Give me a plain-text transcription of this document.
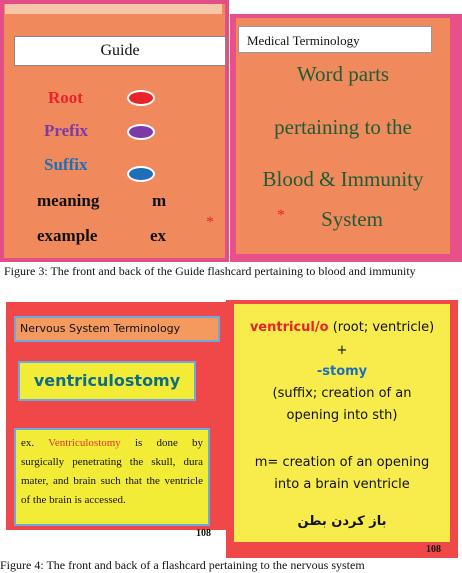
Guide
Root
Prefix
Suffix
meaning	m
example	ex
*
Medical Terminology
Word parts
pertaining to the
Blood & Immunity
*	System
Figure 3: The front and back of the Guide flashcard pertaining to blood and immunity
Nervous System Terminology
ventriculostomy
ex. Ventriculostomy is done by surgically penetrating the skull, dura mater, and brain such that the ventricle of the brain is accessed.
108
ventricul/o (root; ventricle)
+
-stomy
(suffix; creation of an
opening into sth)
m= creation of an opening
into a brain ventricle
باز کردن بطن
108
Figure 4: The front and back of a flashcard pertaining to the nervous system
